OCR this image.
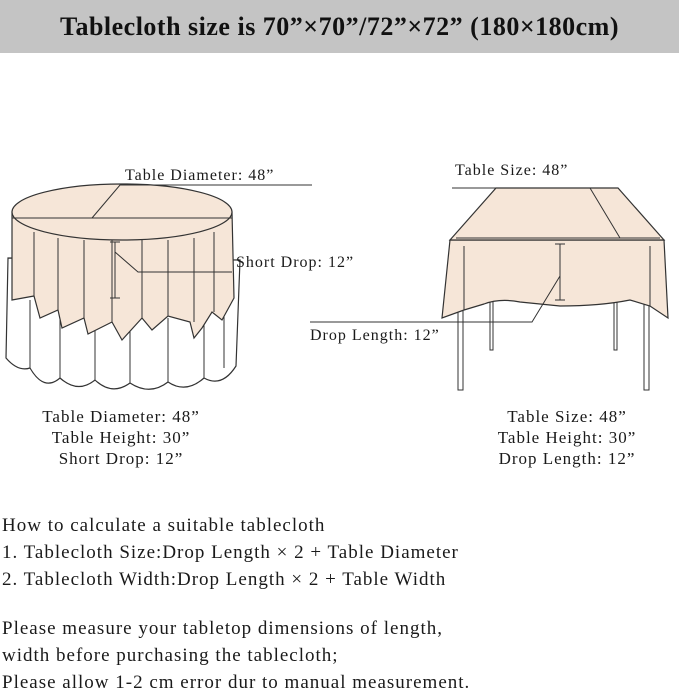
Tablecloth size is 70”×70”/72”×72” (180×180cm)
Table Diameter: 48”
Short Drop: 12”
Table Size: 48”
Drop Length: 12”
Table Diameter: 48”
Table Height: 30”
Short Drop: 12”
Table Size: 48”
Table Height: 30”
Drop Length: 12”
How to calculate a suitable tablecloth
1. Tablecloth Size:Drop Length × 2 + Table Diameter
2. Tablecloth Width:Drop Length × 2 + Table Width
Please measure your tabletop dimensions of length,
width before purchasing the tablecloth;
Please allow 1-2 cm error dur to manual measurement.
